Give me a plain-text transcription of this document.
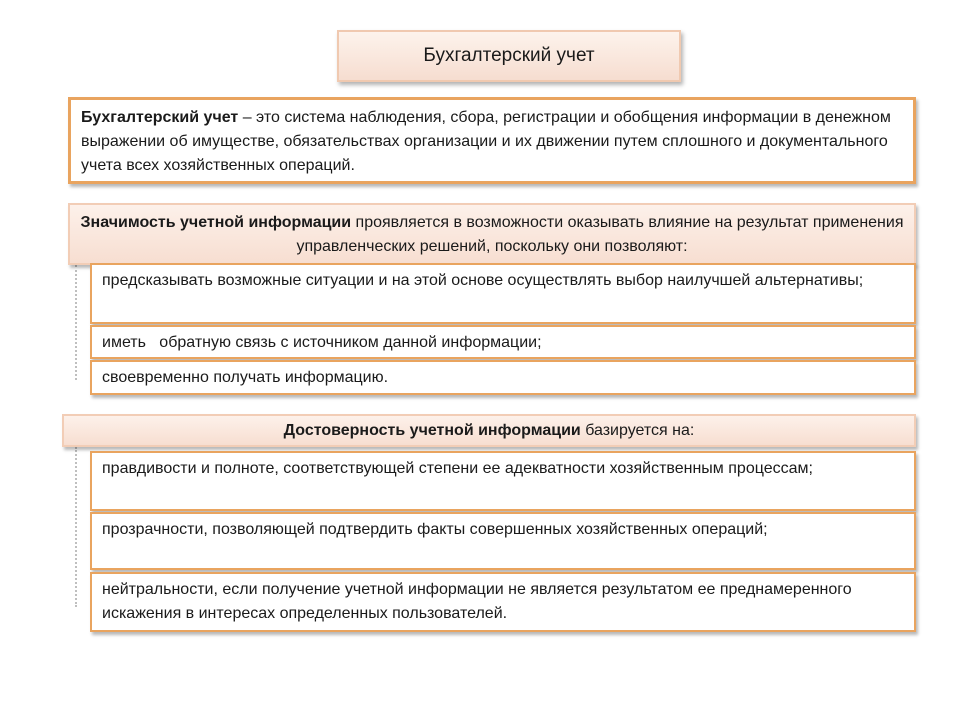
Бухгалтерский учет
Бухгалтерский учет – это система наблюдения, сбора, регистрации и обобщения информации в денежном выражении об имуществе, обязательствах организации и их движении путем сплошного и документального учета всех хозяйственных операций.
Значимость учетной информации проявляется в возможности оказывать влияние на результат применения управленческих решений, поскольку они позволяют:
предсказывать возможные ситуации и на этой основе осуществлять выбор наилучшей альтернативы;
иметь   обратную связь с источником данной информации;
своевременно получать информацию.
Достоверность учетной информации базируется на:
правдивости и полноте, соответствующей степени ее адекватности хозяйственным процессам;
прозрачности, позволяющей подтвердить факты совершенных хозяйственных операций;
нейтральности, если получение учетной информации не является результатом ее преднамеренного искажения в интересах определенных пользователей.
